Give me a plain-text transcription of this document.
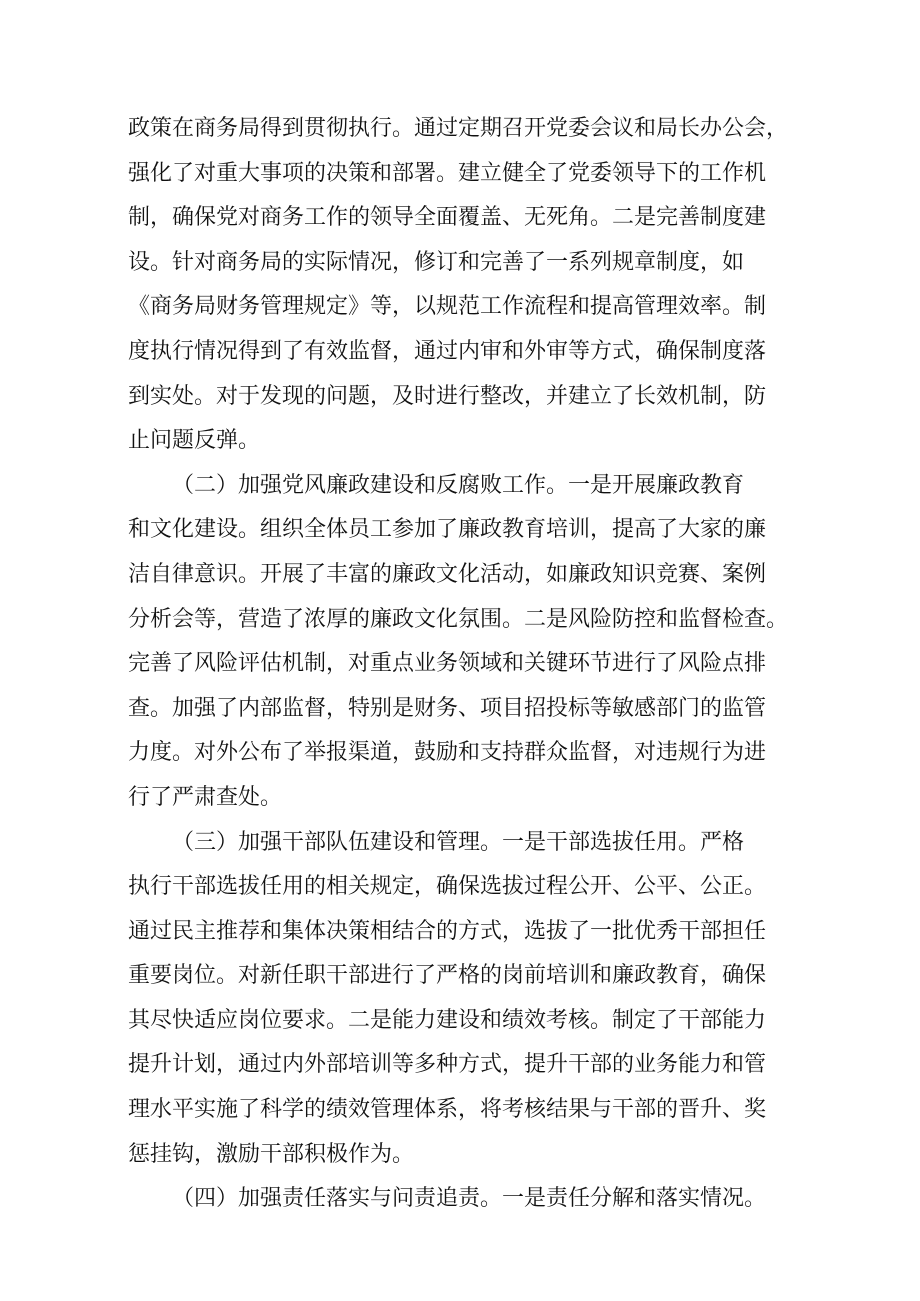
政策在商务局得到贯彻执行。通过定期召开党委会议和局长办公会，
强化了对重大事项的决策和部署。建立健全了党委领导下的工作机
制，确保党对商务工作的领导全面覆盖、无死角。二是完善制度建
设。针对商务局的实际情况，修订和完善了一系列规章制度，如
《商务局财务管理规定》等，以规范工作流程和提高管理效率。制
度执行情况得到了有效监督，通过内审和外审等方式，确保制度落
到实处。对于发现的问题，及时进行整改，并建立了长效机制，防
止问题反弹。
（二）加强党风廉政建设和反腐败工作。一是开展廉政教育
和文化建设。组织全体员工参加了廉政教育培训，提高了大家的廉
洁自律意识。开展了丰富的廉政文化活动，如廉政知识竞赛、案例
分析会等，营造了浓厚的廉政文化氛围。二是风险防控和监督检查。
完善了风险评估机制，对重点业务领域和关键环节进行了风险点排
查。加强了内部监督，特别是财务、项目招投标等敏感部门的监管
力度。对外公布了举报渠道，鼓励和支持群众监督，对违规行为进
行了严肃查处。
（三）加强干部队伍建设和管理。一是干部选拔任用。严格
执行干部选拔任用的相关规定，确保选拔过程公开、公平、公正。
通过民主推荐和集体决策相结合的方式，选拔了一批优秀干部担任
重要岗位。对新任职干部进行了严格的岗前培训和廉政教育，确保
其尽快适应岗位要求。二是能力建设和绩效考核。制定了干部能力
提升计划，通过内外部培训等多种方式，提升干部的业务能力和管
理水平实施了科学的绩效管理体系，将考核结果与干部的晋升、奖
惩挂钩，激励干部积极作为。
（四）加强责任落实与问责追责。一是责任分解和落实情况。
